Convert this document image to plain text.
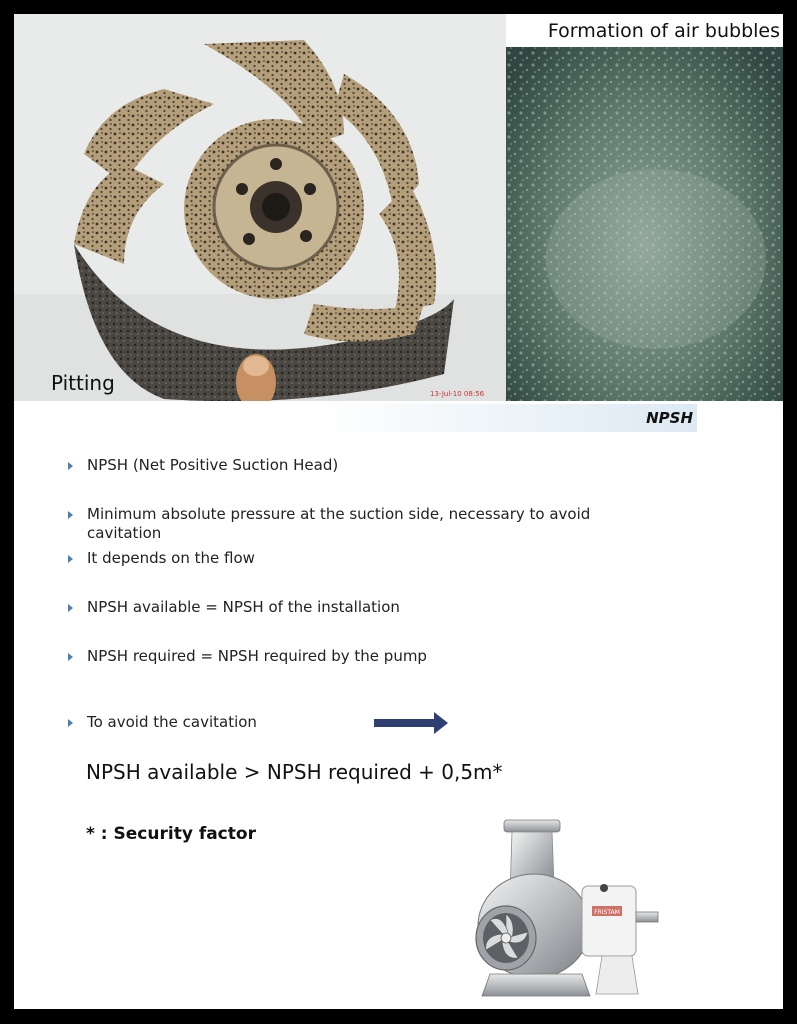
Pitting	13-Jul-10 08:56
Formation of air bubbles
NPSH
NPSH (Net Positive Suction Head)
Minimum absolute pressure at the suction side, necessary to avoid cavitation
It depends on the flow
NPSH available = NPSH of the installation
NPSH required = NPSH required by the pump
To avoid the cavitation
NPSH available > NPSH required + 0,5m*
* : Security factor
FRISTAM
